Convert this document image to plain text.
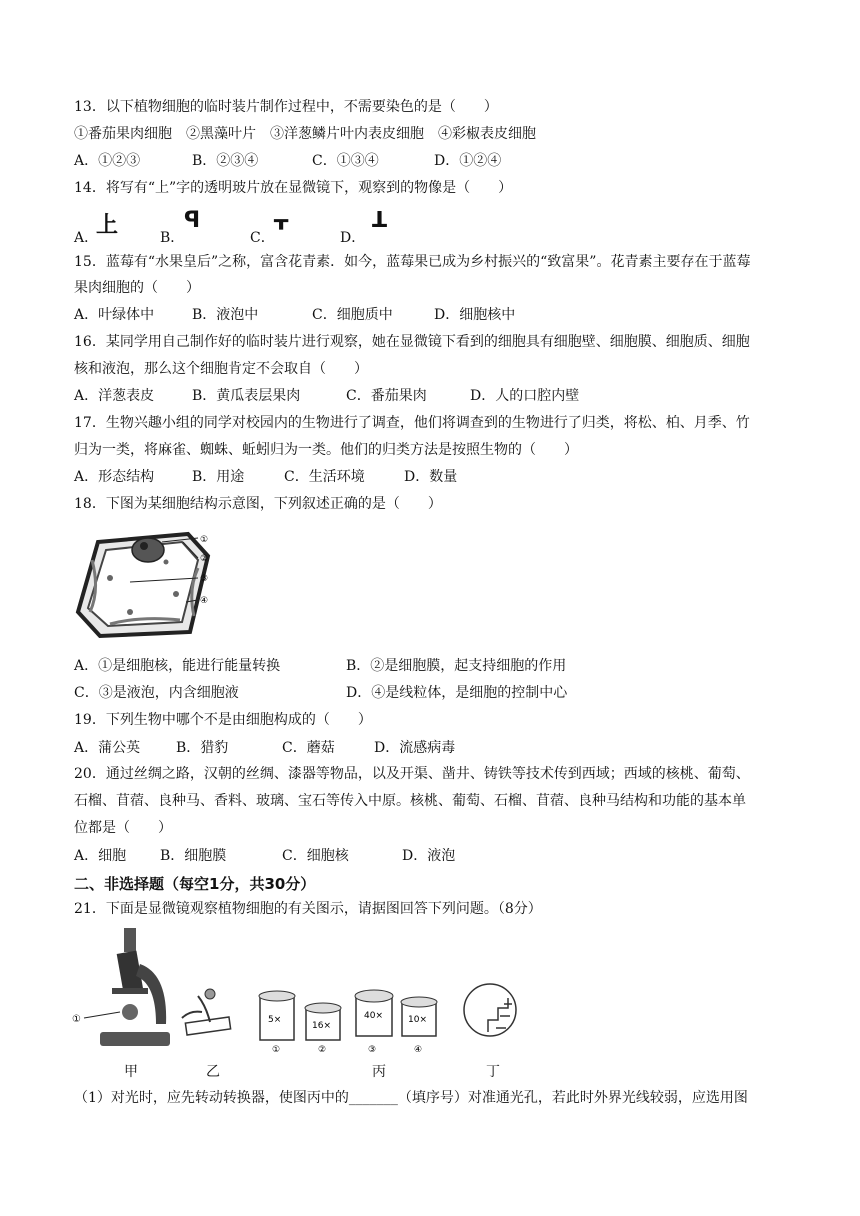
13．以下植物细胞的临时装片制作过程中，不需要染色的是（　　）
①番茄果肉细胞　②黑藻叶片　③洋葱鳞片叶内表皮细胞　④彩椒表皮细胞
A．①②③	B．②③④	C．①③④	D．①②④
14．将写有“上”字的透明玻片放在显微镜下，观察到的物像是（　　）
A．
上	B．
ꟼ
C．
ᚁ
D．
ꓕ
15．蓝莓有“水果皇后”之称，富含花青素．如今，蓝莓果已成为乡村振兴的“致富果”。花青素主要存在于蓝莓
果肉细胞的（　　）
A．叶绿体中	B．液泡中	C．细胞质中	D．细胞核中
16．某同学用自己制作好的临时装片进行观察，她在显微镜下看到的细胞具有细胞壁、细胞膜、细胞质、细胞
核和液泡，那么这个细胞肯定不会取自（　　）
A．洋葱表皮	B．黄瓜表层果肉	C．番茄果肉	D．人的口腔内壁
17．生物兴趣小组的同学对校园内的生物进行了调查，他们将调查到的生物进行了归类，将松、柏、月季、竹
归为一类，将麻雀、蜘蛛、蚯蚓归为一类。他们的归类方法是按照生物的（　　）
A．形态结构	B．用途	C．生活环境	D．数量
18．下图为某细胞结构示意图，下列叙述正确的是（　　）
①
②
③
④
A．①是细胞核，能进行能量转换	B．②是细胞膜，起支持细胞的作用
C．③是液泡，内含细胞液	D．④是线粒体，是细胞的控制中心
19．下列生物中哪个不是由细胞构成的（　　）
A．蒲公英	B．猎豹	C．蘑菇	D．流感病毒
20．通过丝绸之路，汉朝的丝绸、漆器等物品，以及开渠、凿井、铸铁等技术传到西域；西域的核桃、葡萄、
石榴、苜蓿、良种马、香料、玻璃、宝石等传入中原。核桃、葡萄、石榴、苜蓿、良种马结构和功能的基本单
位都是（　　）
A．细胞 B．细胞膜	C．细胞核	D．液泡
二、非选择题（每空1分，共30分）
21．下面是显微镜观察植物细胞的有关图示，请据图回答下列问题。（8分）
①	5×
①
16×
②
40×
③
10×
④
甲	乙	丙	丁
（1）对光时，应先转动转换器，使图丙中的_______（填序号）对准通光孔，若此时外界光线较弱，应选用图
